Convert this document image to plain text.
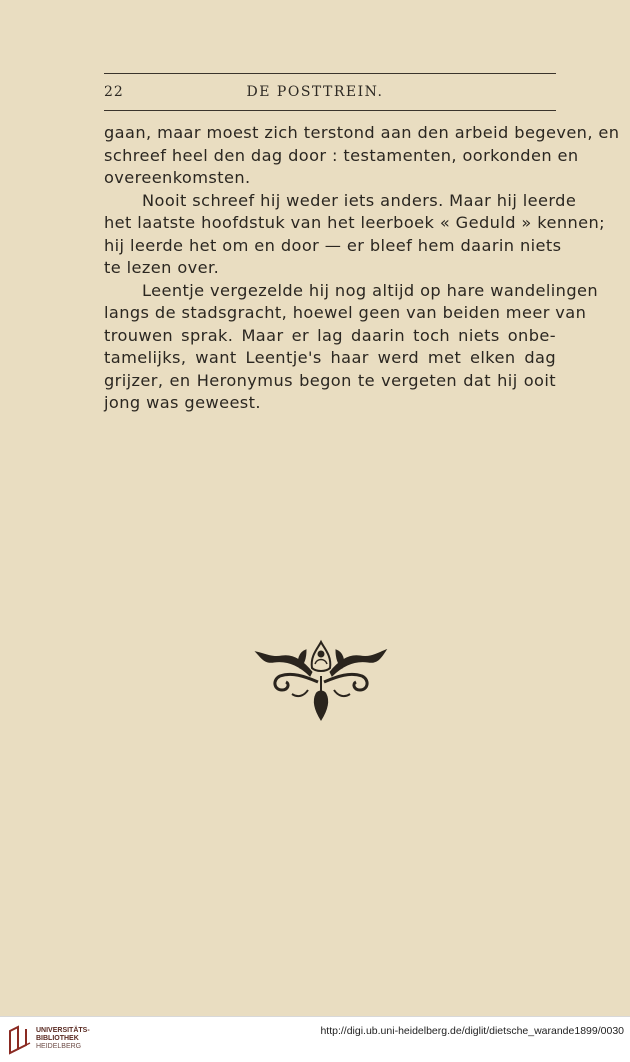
22	DE POSTTREIN.

gaan, maar moest zich terstond aan den arbeid begeven, en
schreef heel den dag door : testamenten, oorkonden en
overeenkomsten.

Nooit schreef hij weder iets anders. Maar hij leerde
het laatste hoofdstuk van het leerboek « Geduld » kennen;
hij leerde het om en door — er bleef hem daarin niets
te lezen over.

Leentje vergezelde hij nog altijd op hare wandelingen
langs de stadsgracht, hoewel geen van beiden meer van
trouwen sprak. Maar er lag daarin toch niets onbe-
tamelijks, want Leentje's haar werd met elken dag
grijzer, en Heronymus begon te vergeten dat hij ooit
jong was geweest.

UNIVERSITÄTS-
BIBLIOTHEK
HEIDELBERG
http://digi.ub.uni-heidelberg.de/diglit/dietsche_warande1899/0030
